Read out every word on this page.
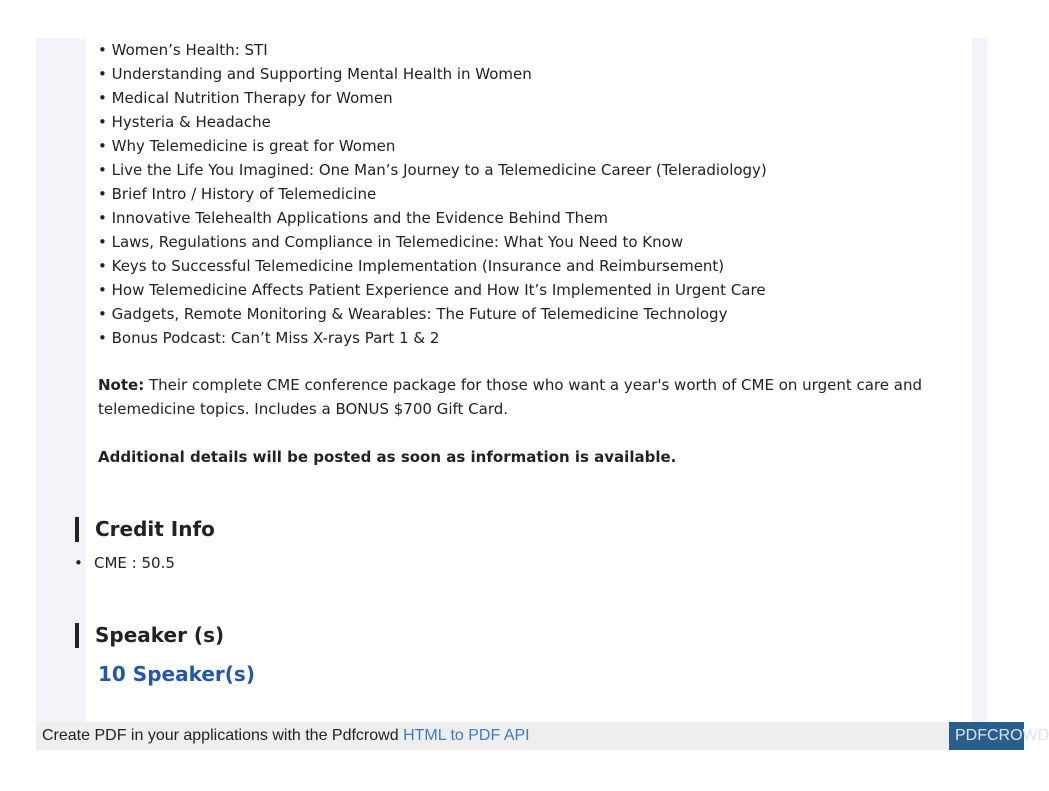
• Women’s Health: STI
• Understanding and Supporting Mental Health in Women
• Medical Nutrition Therapy for Women
• Hysteria & Headache
• Why Telemedicine is great for Women
• Live the Life You Imagined: One Man’s Journey to a Telemedicine Career (Teleradiology)
• Brief Intro / History of Telemedicine
• Innovative Telehealth Applications and the Evidence Behind Them
• Laws, Regulations and Compliance in Telemedicine: What You Need to Know
• Keys to Successful Telemedicine Implementation (Insurance and Reimbursement)
• How Telemedicine Affects Patient Experience and How It’s Implemented in Urgent Care
• Gadgets, Remote Monitoring & Wearables: The Future of Telemedicine Technology
• Bonus Podcast: Can’t Miss X-rays Part 1 & 2
Note: Their complete CME conference package for those who want a year's worth of CME on urgent care and telemedicine topics. Includes a BONUS $700 Gift Card.
Additional details will be posted as soon as information is available.
Credit Info
• CME : 50.5
Speaker (s)
10 Speaker(s)
Create PDF in your applications with the Pdfcrowd HTML to PDF API	PDFCROWD
